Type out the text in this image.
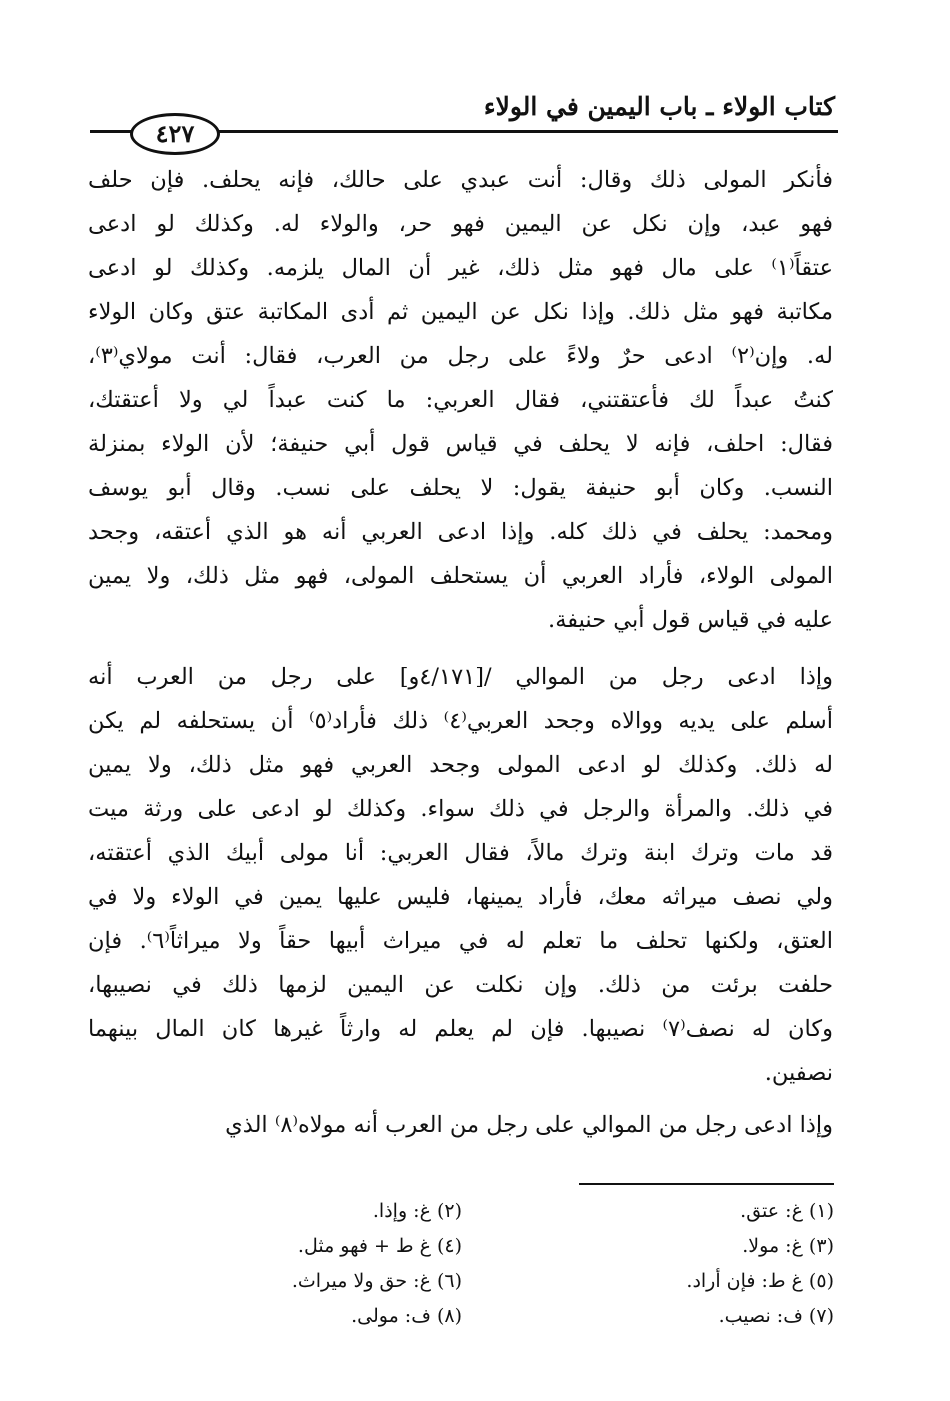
كتاب الولاء ـ باب اليمين في الولاء
٤٢٧
فأنكر المولى ذلك وقال: أنت عبدي على حالك، فإنه يحلف. فإن حلف
فهو عبد، وإن نكل عن اليمين فهو حر، والولاء له. وكذلك لو ادعى
عتقاً⁽١⁾ على مال فهو مثل ذلك، غير أن المال يلزمه. وكذلك لو ادعى
مكاتبة فهو مثل ذلك. وإذا نكل عن اليمين ثم أدى المكاتبة عتق وكان الولاء
له. وإن⁽٢⁾ ادعى حرٌ ولاءً على رجل من العرب، فقال: أنت مولاي⁽٣⁾،
كنتُ عبداً لك فأعتقتني، فقال العربي: ما كنت عبداً لي ولا أعتقتك،
فقال: احلف، فإنه لا يحلف في قياس قول أبي حنيفة؛ لأن الولاء بمنزلة
النسب. وكان أبو حنيفة يقول: لا يحلف على نسب. وقال أبو يوسف
ومحمد: يحلف في ذلك كله. وإذا ادعى العربي أنه هو الذي أعتقه، وجحد
المولى الولاء، فأراد العربي أن يستحلف المولى، فهو مثل ذلك، ولا يمين
عليه في قياس قول أبي حنيفة.
وإذا ادعى رجل من الموالي /[٤/١٧١و] على رجل من العرب أنه
أسلم على يديه ووالاه وجحد العربي⁽٤⁾ ذلك فأراد⁽٥⁾ أن يستحلفه لم يكن
له ذلك. وكذلك لو ادعى المولى وجحد العربي فهو مثل ذلك، ولا يمين
في ذلك. والمرأة والرجل في ذلك سواء. وكذلك لو ادعى على ورثة ميت
قد مات وترك ابنة وترك مالاً، فقال العربي: أنا مولى أبيك الذي أعتقته،
ولي نصف ميراثه معك، فأراد يمينها، فليس عليها يمين في الولاء ولا في
العتق، ولكنها تحلف ما تعلم له في ميراث أبيها حقاً ولا ميراثاً⁽٦⁾. فإن
حلفت برئت من ذلك. وإن نكلت عن اليمين لزمها ذلك في نصيبها،
وكان له نصف⁽٧⁾ نصيبها. فإن لم يعلم له وارثاً غيرها كان المال بينهما
نصفين.
وإذا ادعى رجل من الموالي على رجل من العرب أنه مولاه⁽٨⁾ الذي
(١) غ: عتق.
(٢) غ: وإذا.
(٣) غ: مولا.
(٤) غ ط + فهو مثل.
(٥) غ ط: فإن أراد.
(٦) غ: حق ولا ميراث.
(٧) ف: نصيب.
(٨) ف: مولى.
